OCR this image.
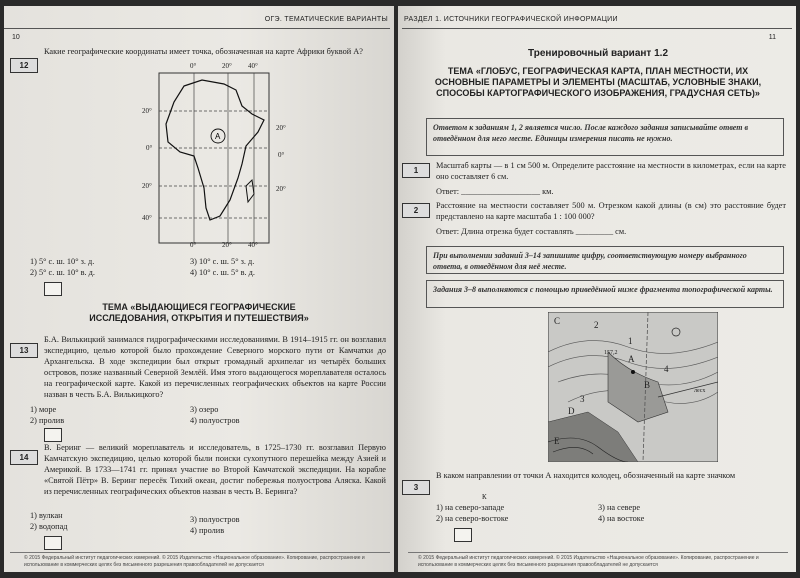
ОГЭ. ТЕМАТИЧЕСКИЕ ВАРИАНТЫ
10
12
Какие географические координаты имеет точка, обозначенная на карте Африки буквой А?
A
0°	20° 40°
20°
0°
20°
40°
20°
0°
20°
0°	20° 40°
1) 5° с. ш. 10° з. д.
2) 5° с. ш. 10° в. д.
3) 10° с. ш. 5° з. д.
4) 10° с. ш. 5° в. д.
ТЕМА «ВЫДАЮЩИЕСЯ ГЕОГРАФИЧЕСКИЕ ИССЛЕДОВАНИЯ, ОТКРЫТИЯ И ПУТЕШЕСТВИЯ»
13
Б.А. Вилькицкий занимался гидрографическими исследованиями. В 1914–1915 гг. он возглавил экспедицию, целью которой было прохождение Северного морского пути от Камчатки до Архангельска. В ходе экспедиции был открыт громадный архипелаг из четырёх больших островов, позже названный Северной Землёй. Имя этого выдающегося мореплавателя осталось на географической карте. Какой из перечисленных географических объектов на карте России назван в честь Б.А. Вилькицкого?
1) море
2) пролив
3) озеро
4) полуостров
14
В. Беринг — великий мореплаватель и исследователь, в 1725–1730 гг. возглавил Первую Камчатскую экспедицию, целью которой были поиски сухопутного перешейка между Азией и Америкой. В 1733—1741 гг. принял участие во Второй Камчатской экспедиции. На корабле «Святой Пётр» В. Беринг пересёк Тихий океан, достиг побережья полуострова Аляска. Какой из перечисленных географических объектов назван в честь В. Беринга?
1) вулкан
2) водопад
3) полуостров
4) пролив
© 2015 Федеральный институт педагогических измерений. © 2015 Издательство «Национальное образование». Копирование, распространение и использование в коммерческих целях без письменного разрешения правообладателей не допускается
РАЗДЕЛ 1. ИСТОЧНИКИ ГЕОГРАФИЧЕСКОЙ ИНФОРМАЦИИ
11
Тренировочный вариант 1.2
ТЕМА «ГЛОБУС, ГЕОГРАФИЧЕСКАЯ КАРТА, ПЛАН МЕСТНОСТИ, ИХ ОСНОВНЫЕ ПАРАМЕТРЫ И ЭЛЕМЕНТЫ (МАСШТАБ, УСЛОВНЫЕ ЗНАКИ, СПОСОБЫ КАРТОГРАФИЧЕСКОГО ИЗОБРАЖЕНИЯ, ГРАДУСНАЯ СЕТЬ)»
Ответом к заданиям 1, 2 является число. После каждого задания записывайте ответ в отведённом для него месте. Единицы измерения писать не нужно.
1
Масштаб карты — в 1 см 500 м. Определите расстояние на местности в километрах, если на карте оно составляет 6 см.
Ответ: ___________________ км.
2
Расстояние на местности составляет 500 м. Отрезком какой длины (в см) это расстояние будет представлено на карте масштаба 1 : 100 000?
Ответ: Длина отрезка будет составлять _________ см.
При выполнении заданий 3–14 запишите цифру, соответствующую номеру выбранного ответа, в отведённом для неё месте.
Задания 3–8 выполняются с помощью приведённой ниже фрагмента топографической карты.
C	2
1
A
B
D
E
4
3
157,2
лесх
3
В каком направлении от точки А находится колодец, обозначенный на карте значком
К
1) на северо-западе
2) на северо-востоке
3) на севере
4) на востоке
© 2015 Федеральный институт педагогических измерений. © 2015 Издательство «Национальное образование». Копирование, распространение и использование в коммерческих целях без письменного разрешения правообладателей не допускается
